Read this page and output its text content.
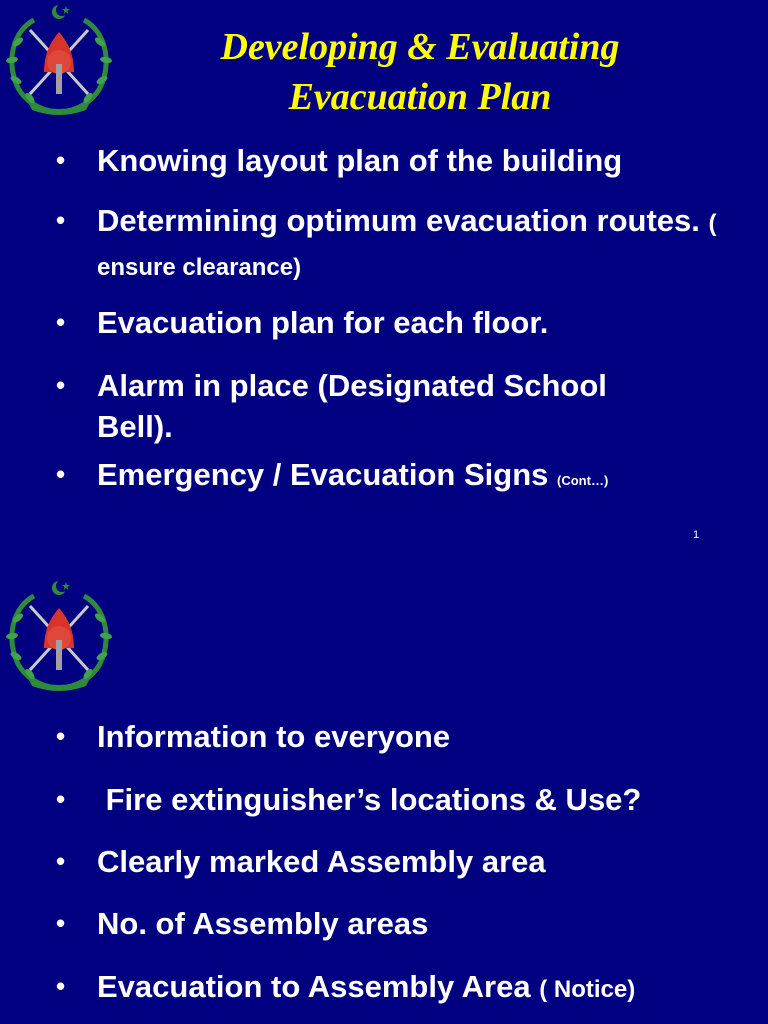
Developing & Evaluating
Evacuation Plan
• Knowing layout plan of the building
• Determining optimum evacuation routes. ( ensure clearance)
• Evacuation plan for each floor.
• Alarm in place (Designated School Bell).
• Emergency / Evacuation Signs (Cont…)
1
• Information to everyone
• Fire extinguisher’s locations & Use?
• Clearly marked Assembly area
• No. of Assembly areas
• Evacuation to Assembly Area ( Notice)
